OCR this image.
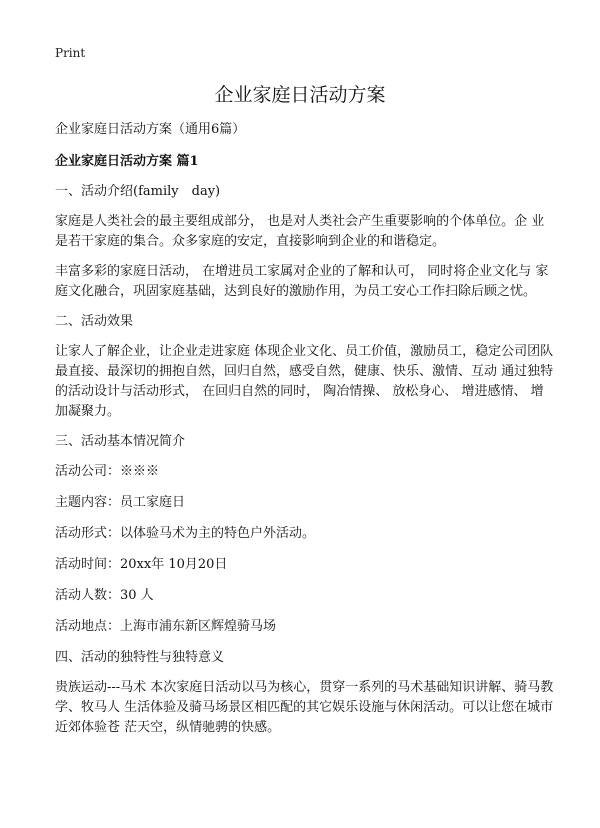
Print
企业家庭日活动方案

企业家庭日活动方案（通用6篇）

企业家庭日活动方案 篇1

一、活动介绍(family　day)

家庭是人类社会的最主要组成部分， 也是对人类社会产生重要影响的个体单位。企 业是若干家庭的集合。众多家庭的安定，直接影响到企业的和谐稳定。

丰富多彩的家庭日活动， 在增进员工家属对企业的了解和认可， 同时将企业文化与 家庭文化融合，巩固家庭基础，达到良好的激励作用，为员工安心工作扫除后顾之忧。

二、活动效果

让家人了解企业，让企业走进家庭 体现企业文化、员工价值，激励员工，稳定公司团队 最直接、最深切的拥抱自然，回归自然，感受自然，健康、快乐、激情、互动 通过独特的活动设计与活动形式， 在回归自然的同时， 陶冶情操、 放松身心、 增进感情、 增加凝聚力。

三、活动基本情况简介

活动公司：※※※

主题内容：员工家庭日

活动形式：以体验马术为主的特色户外活动。

活动时间：20xx年 10月20日

活动人数：30 人

活动地点：上海市浦东新区辉煌骑马场

四、活动的独特性与独特意义

贵族运动---马术 本次家庭日活动以马为核心，贯穿一系列的马术基础知识讲解、骑马教学、牧马人 生活体验及骑马场景区相匹配的其它娱乐设施与休闲活动。可以让您在城市近郊体验苍 茫天空，纵情驰骋的快感。
